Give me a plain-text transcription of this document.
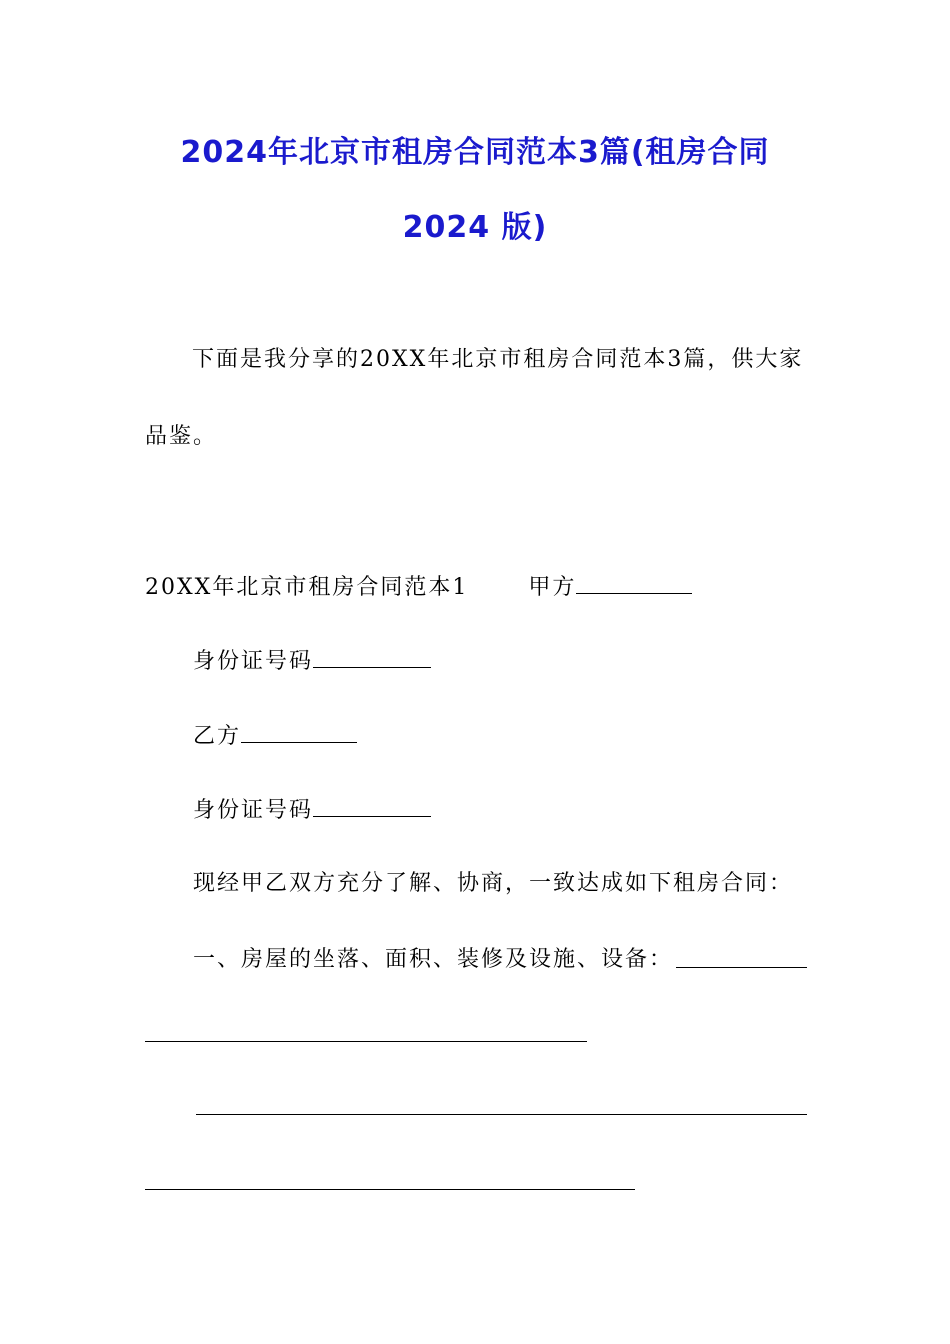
2024年北京市租房合同范本3篇(租房合同
2024 版)
下面是我分享的20XX年北京市租房合同范本3篇，供大家
品鉴。
20XX年北京市租房合同范本1	甲方
身份证号码
乙方
身份证号码
现经甲乙双方充分了解、协商，一致达成如下租房合同：
一、房屋的坐落、面积、装修及设施、设备：
